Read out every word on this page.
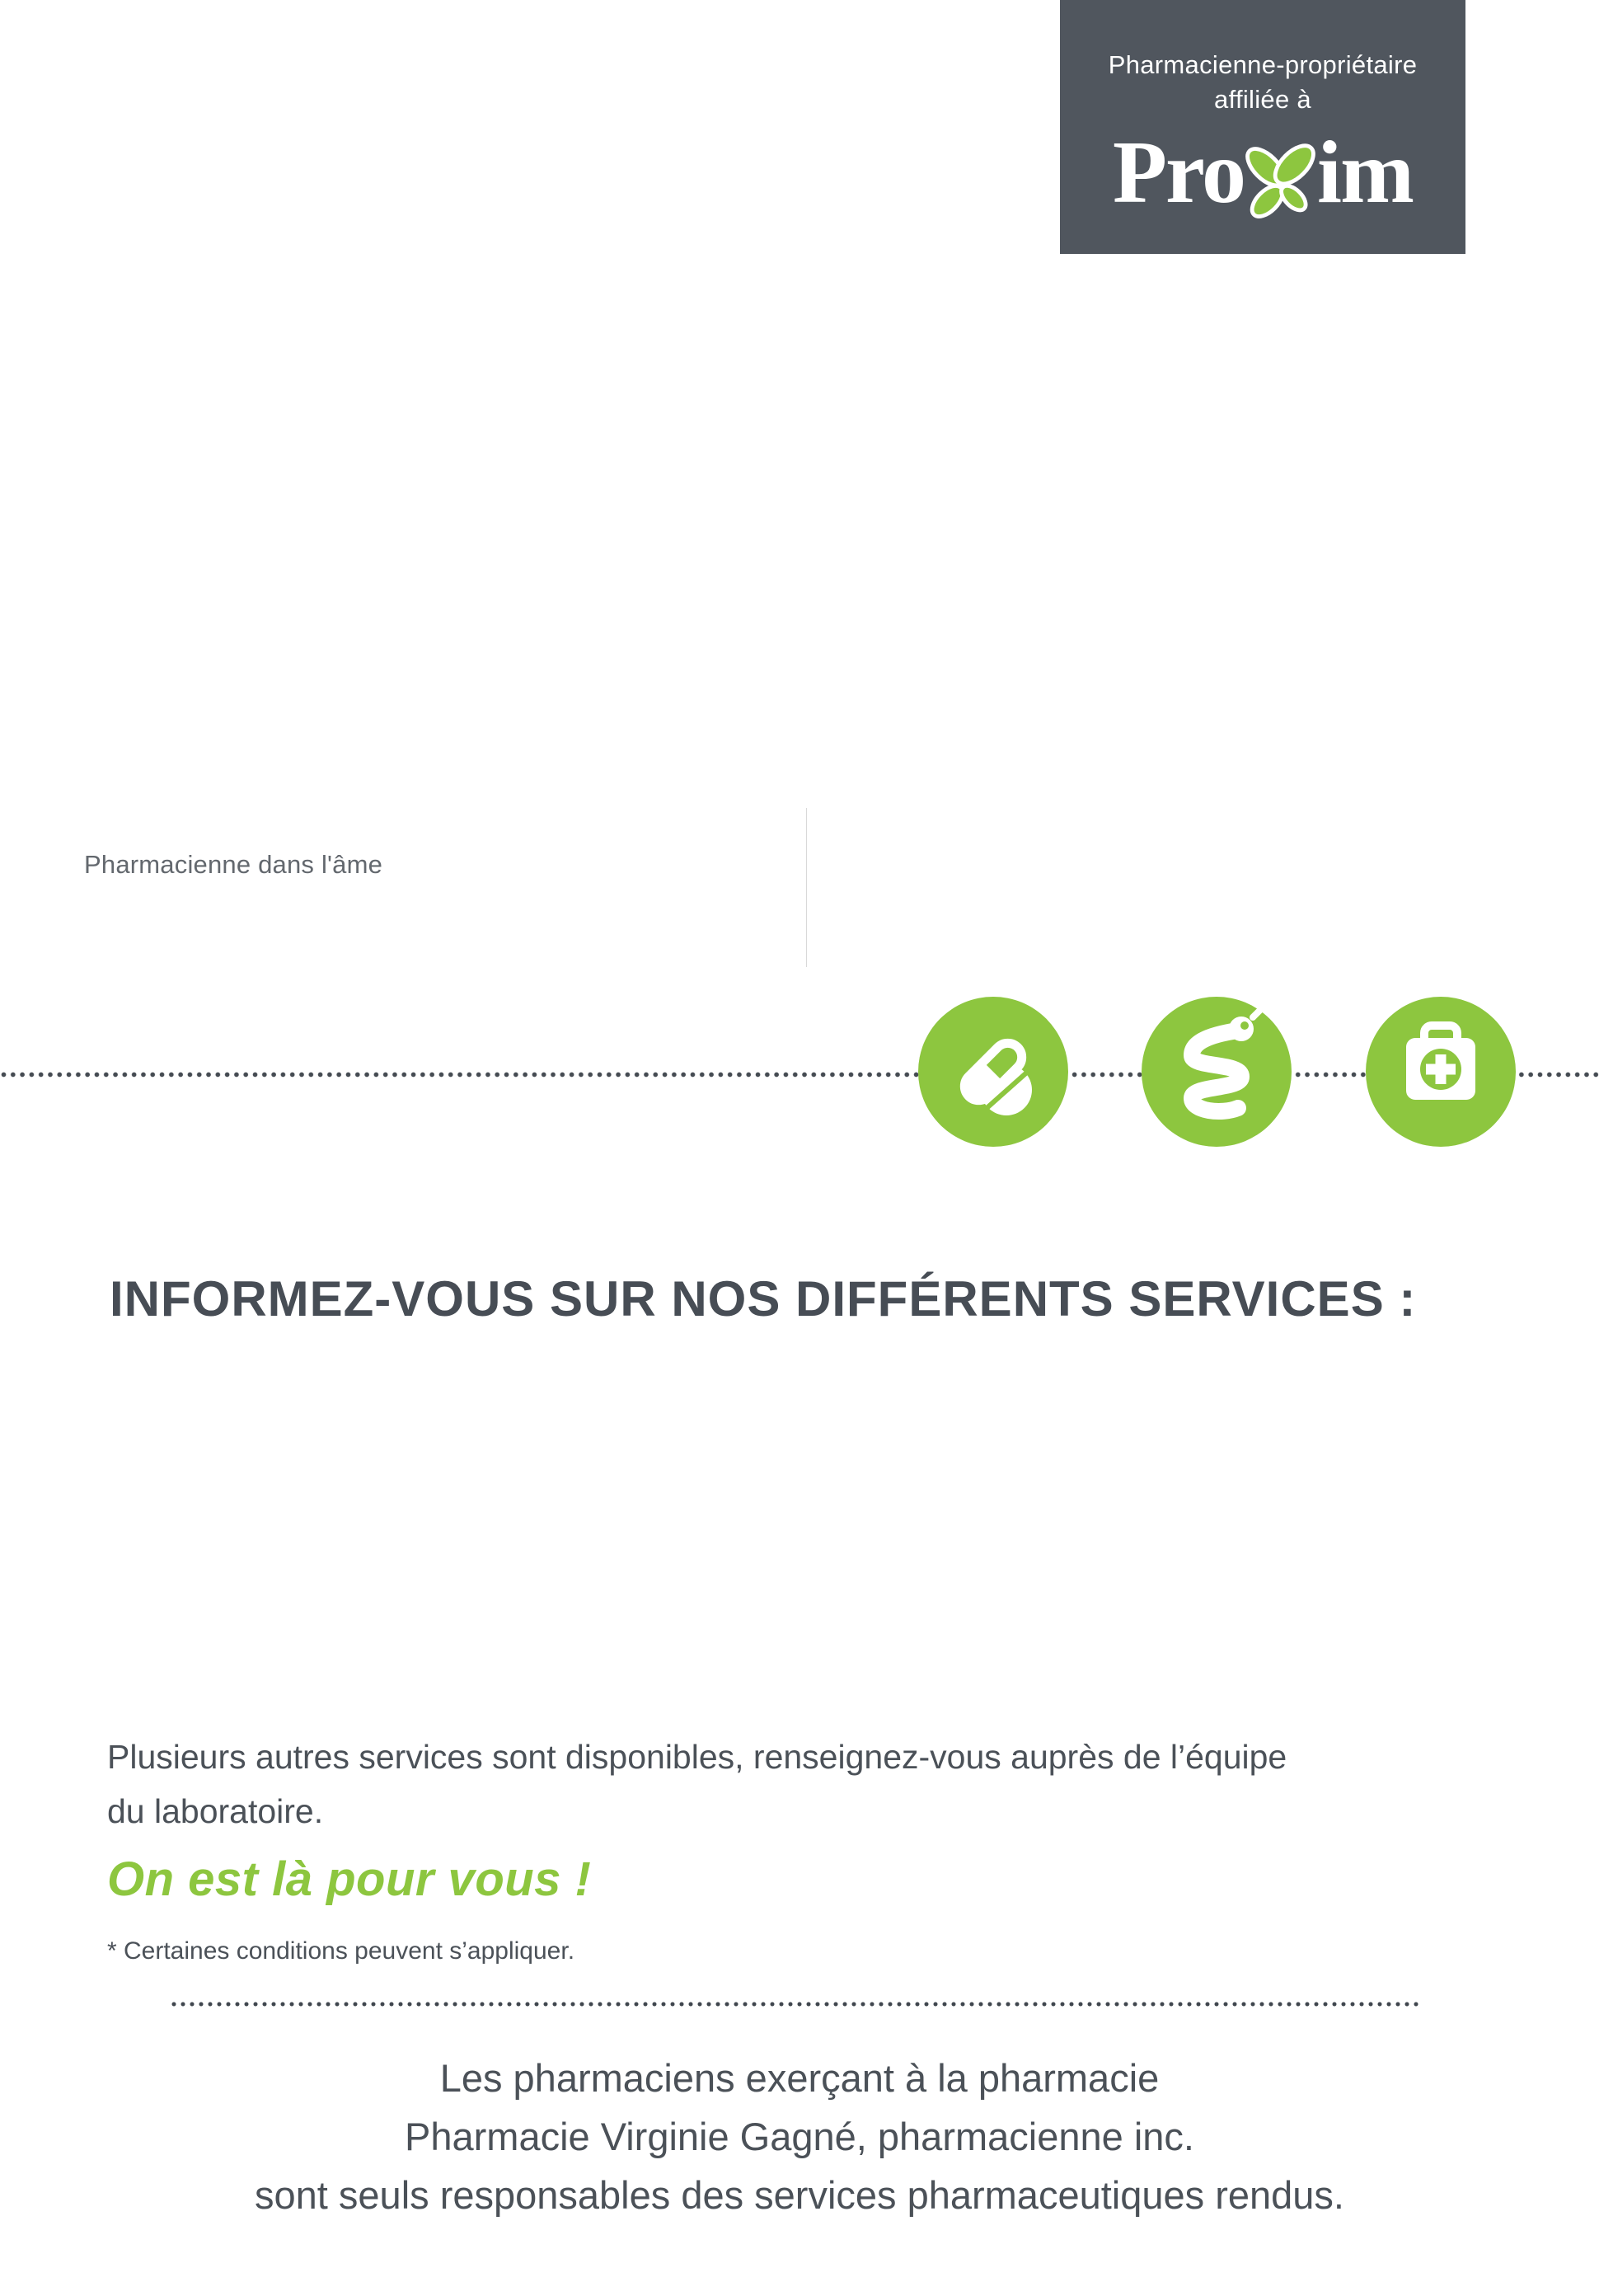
Pharmacienne-propriétaire
affiliée à
Pro im
Pharmacienne dans l'âme
INFORMEZ-VOUS SUR NOS DIFFÉRENTS SERVICES :
Plusieurs autres services sont disponibles, renseignez-vous auprès de l’équipe
du laboratoire.
On est là pour vous !
* Certaines conditions peuvent s’appliquer.
Les pharmaciens exerçant à la pharmacie
Pharmacie Virginie Gagné, pharmacienne inc.
sont seuls responsables des services pharmaceutiques rendus.
